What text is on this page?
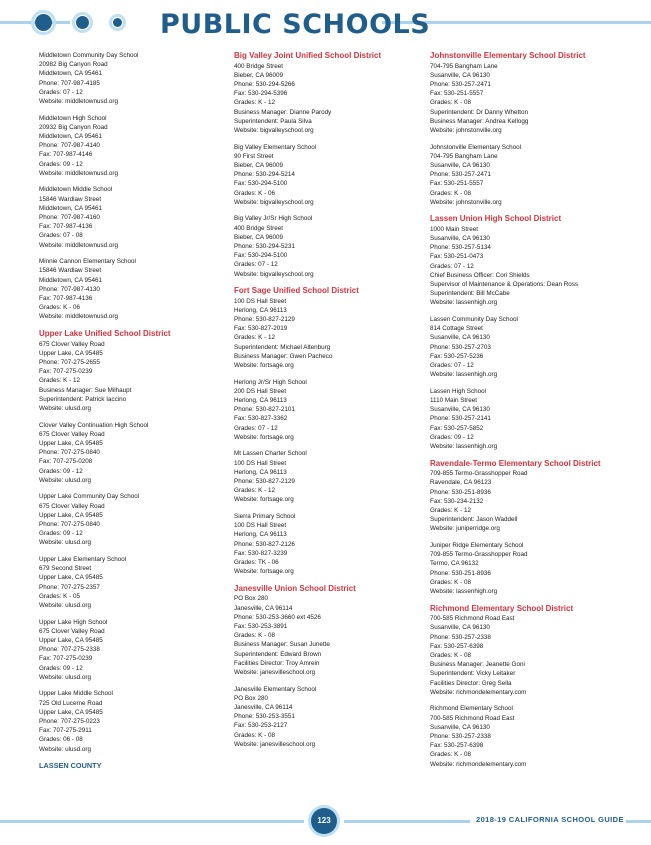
PUBLIC SCHOOLS
Middletown Community Day School
20982 Big Canyon Road
Middletown, CA 95461
Phone: 707-987-4185
Grades: 07 - 12
Website: middletownusd.org
Middletown High School
20932 Big Canyon Road
Middletown, CA 95461
Phone: 707-987-4140
Fax: 707-987-4146
Grades: 09 - 12
Website: middletownusd.org
Middletown Middle School
15846 Wardlaw Street
Middletown, CA 95461
Phone: 707-987-4160
Fax: 707-987-4136
Grades: 07 - 08
Website: middletownusd.org
Minnie Cannon Elementary School
15846 Wardlaw Street
Middletown, CA 95461
Phone: 707-987-4130
Fax: 707-987-4136
Grades: K - 06
Website: middletownusd.org
Upper Lake Unified School District
675 Clover Valley Road
Upper Lake, CA 95485
Phone: 707-275-2655
Fax: 707-275-0239
Grades: K - 12
Business Manager: Sue Milhaupt
Superintendent: Patrick Iaccino
Website: ulusd.org
Clover Valley Continuation High School
675 Clover Valley Road
Upper Lake, CA 95485
Phone: 707-275-0840
Fax: 707-275-0208
Grades: 09 - 12
Website: ulusd.org
Upper Lake Community Day School
675 Clover Valley Road
Upper Lake, CA 95485
Phone: 707-275-0840
Grades: 09 - 12
Website: ulusd.org
Upper Lake Elementary School
679 Second Street
Upper Lake, CA 95485
Phone: 707-275-2357
Grades: K - 05
Website: ulusd.org
Upper Lake High School
675 Clover Valley Road
Upper Lake, CA 95485
Phone: 707-275-2338
Fax: 707-275-0239
Grades: 09 - 12
Website: ulusd.org
Upper Lake Middle School
725 Old Lucerne Road
Upper Lake, CA 95485
Phone: 707-275-0223
Fax: 707-275-2911
Grades: 06 - 08
Website: ulusd.org
LASSEN COUNTY
Big Valley Joint Unified School District
400 Bridge Street
Bieber, CA 96009
Phone: 530-294-5266
Fax: 530-294-5396
Grades: K - 12
Business Manager: Dianne Parody
Superintendent: Paula Silva
Website: bigvalleyschool.org
Big Valley Elementary School
90 First Street
Bieber, CA 96009
Phone: 530-294-5214
Fax: 530-294-5100
Grades: K - 06
Website: bigvalleyschool.org
Big Valley Jr/Sr High School
400 Bridge Street
Bieber, CA 96009
Phone: 530-294-5231
Fax: 530-294-5100
Grades: 07 - 12
Website: bigvalleyschool.org
Fort Sage Unified School District
100 DS Hall Street
Herlong, CA 96113
Phone: 530-827-2129
Fax: 530-827-2019
Grades: K - 12
Superintendent: Michael Altenburg
Business Manager: Gwen Pacheco
Website: fortsage.org
Herlong Jr/Sr High School
200 DS Hall Street
Herlong, CA 96113
Phone: 530-827-2101
Fax: 530-827-3362
Grades: 07 - 12
Website: fortsage.org
Mt Lassen Charter School
100 DS Hall Street
Herlong, CA 96113
Phone: 530-827-2129
Grades: K - 12
Website: fortsage.org
Sierra Primary School
100 DS Hall Street
Herlong, CA 96113
Phone: 530-827-2126
Fax: 530-827-3239
Grades: TK - 06
Website: fortsage.org
Janesville Union School District
PO Box 280
Janesville, CA 96114
Phone: 530-253-3660 ext 4526
Fax: 530-253-3891
Grades: K - 08
Business Manager: Susan Junette
Superintendent: Edward Brown
Facilities Director: Troy Amrein
Website: janesvilleschool.org
Janesville Elementary School
PO Box 280
Janesville, CA 96114
Phone: 530-253-3551
Fax: 530-253-2127
Grades: K - 08
Website: janesvilleschool.org
Johnstonville Elementary School District
704-795 Bangham Lane
Susanville, CA 96130
Phone: 530-257-2471
Fax: 530-251-5557
Grades: K - 08
Superintendent: Dr Danny Whetton
Business Manager: Andrea Kellogg
Website: johnstonville.org
Johnstonville Elementary School
704-795 Bangham Lane
Susanville, CA 96130
Phone: 530-257-2471
Fax: 530-251-5557
Grades: K - 08
Website: johnstonville.org
Lassen Union High School District
1000 Main Street
Susanville, CA 96130
Phone: 530-257-5134
Fax: 530-251-0473
Grades: 07 - 12
Chief Business Officer: Cori Shields
Supervisor of Maintenance & Operations: Dean Ross
Superintendent: Bill McCabe
Website: lassenhigh.org
Lassen Community Day School
814 Cottage Street
Susanville, CA 96130
Phone: 530-257-2703
Fax: 530-257-5236
Grades: 07 - 12
Website: lassenhigh.org
Lassen High School
1110 Main Street
Susanville, CA 96130
Phone: 530-257-2141
Fax: 530-257-5852
Grades: 09 - 12
Website: lassenhigh.org
Ravendale-Termo Elementary School District
709-855 Termo-Grasshopper Road
Ravendale, CA 96123
Phone: 530-251-8936
Fax: 530-234-2132
Grades: K - 12
Superintendent: Jason Waddell
Website: juniperridge.org
Juniper Ridge Elementary School
709-855 Termo-Grasshopper Road
Termo, CA 96132
Phone: 530-251-8936
Grades: K - 08
Website: lassenhigh.org
Richmond Elementary School District
700-585 Richmond Road East
Susanville, CA 96130
Phone: 530-257-2338
Fax: 530-257-6398
Grades: K - 08
Business Manager: Jeanette Goni
Superintendent: Vicky Leitaker
Facilities Director: Greg Sella
Website: richmondelementary.com
Richmond Elementary School
700-585 Richmond Road East
Susanville, CA 96130
Phone: 530-257-2338
Fax: 530-257-6398
Grades: K - 08
Website: richmondelementary.com
123	2018-19 CALIFORNIA SCHOOL GUIDE
